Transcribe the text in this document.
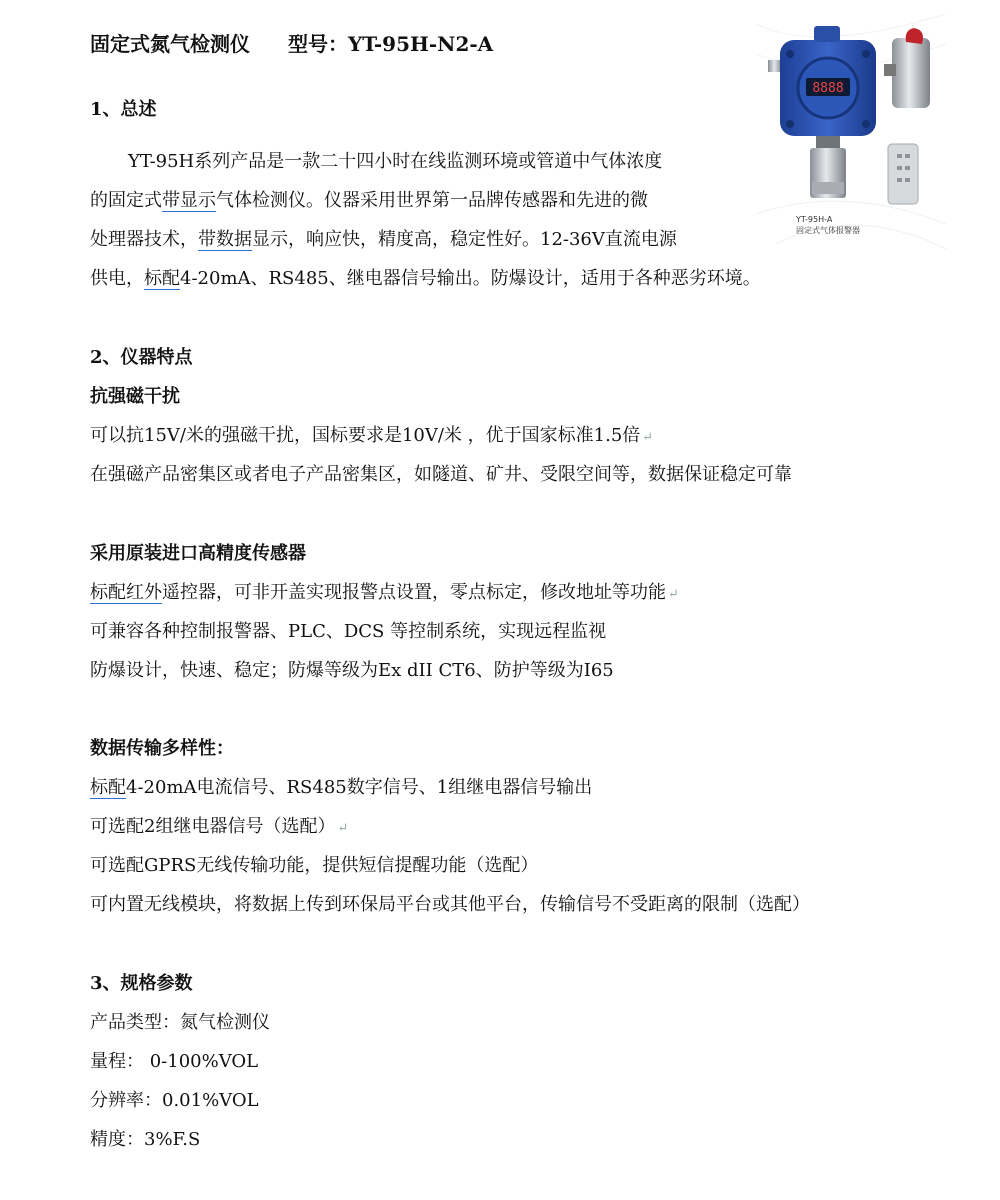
固定式氮气检测仪 型号：YT-95H-N2-A
1、总述
YT-95H系列产品是一款二十四小时在线监测环境或管道中气体浓度
的固定式带显示气体检测仪。仪器采用世界第一品牌传感器和先进的微
处理器技术，带数据显示，响应快，精度高，稳定性好。12-36V直流电源
供电，标配4-20mA、RS485、继电器信号输出。防爆设计，适用于各种恶劣环境。
2、仪器特点
抗强磁干扰
可以抗15V/米的强磁干扰，国标要求是10V/米 ，优于国家标准1.5倍 ↵
在强磁产品密集区或者电子产品密集区，如隧道、矿井、受限空间等，数据保证稳定可靠
采用原装进口高精度传感器
标配红外遥控器，可非开盖实现报警点设置，零点标定，修改地址等功能 ↵
可兼容各种控制报警器、PLC、DCS 等控制系统，实现远程监视
防爆设计，快速、稳定；防爆等级为Ex dII CT6、防护等级为I65
数据传输多样性：
标配4-20mA电流信号、RS485数字信号、1组继电器信号输出
可选配2组继电器信号（选配） ↵
可选配GPRS无线传输功能，提供短信提醒功能（选配）
可内置无线模块，将数据上传到环保局平台或其他平台，传输信号不受距离的限制（选配）
3、规格参数
产品类型：氮气检测仪
量程： 0-100%VOL
分辨率：0.01%VOL
精度：3%F.S
8888
YT-95H-A
固定式气体报警器
